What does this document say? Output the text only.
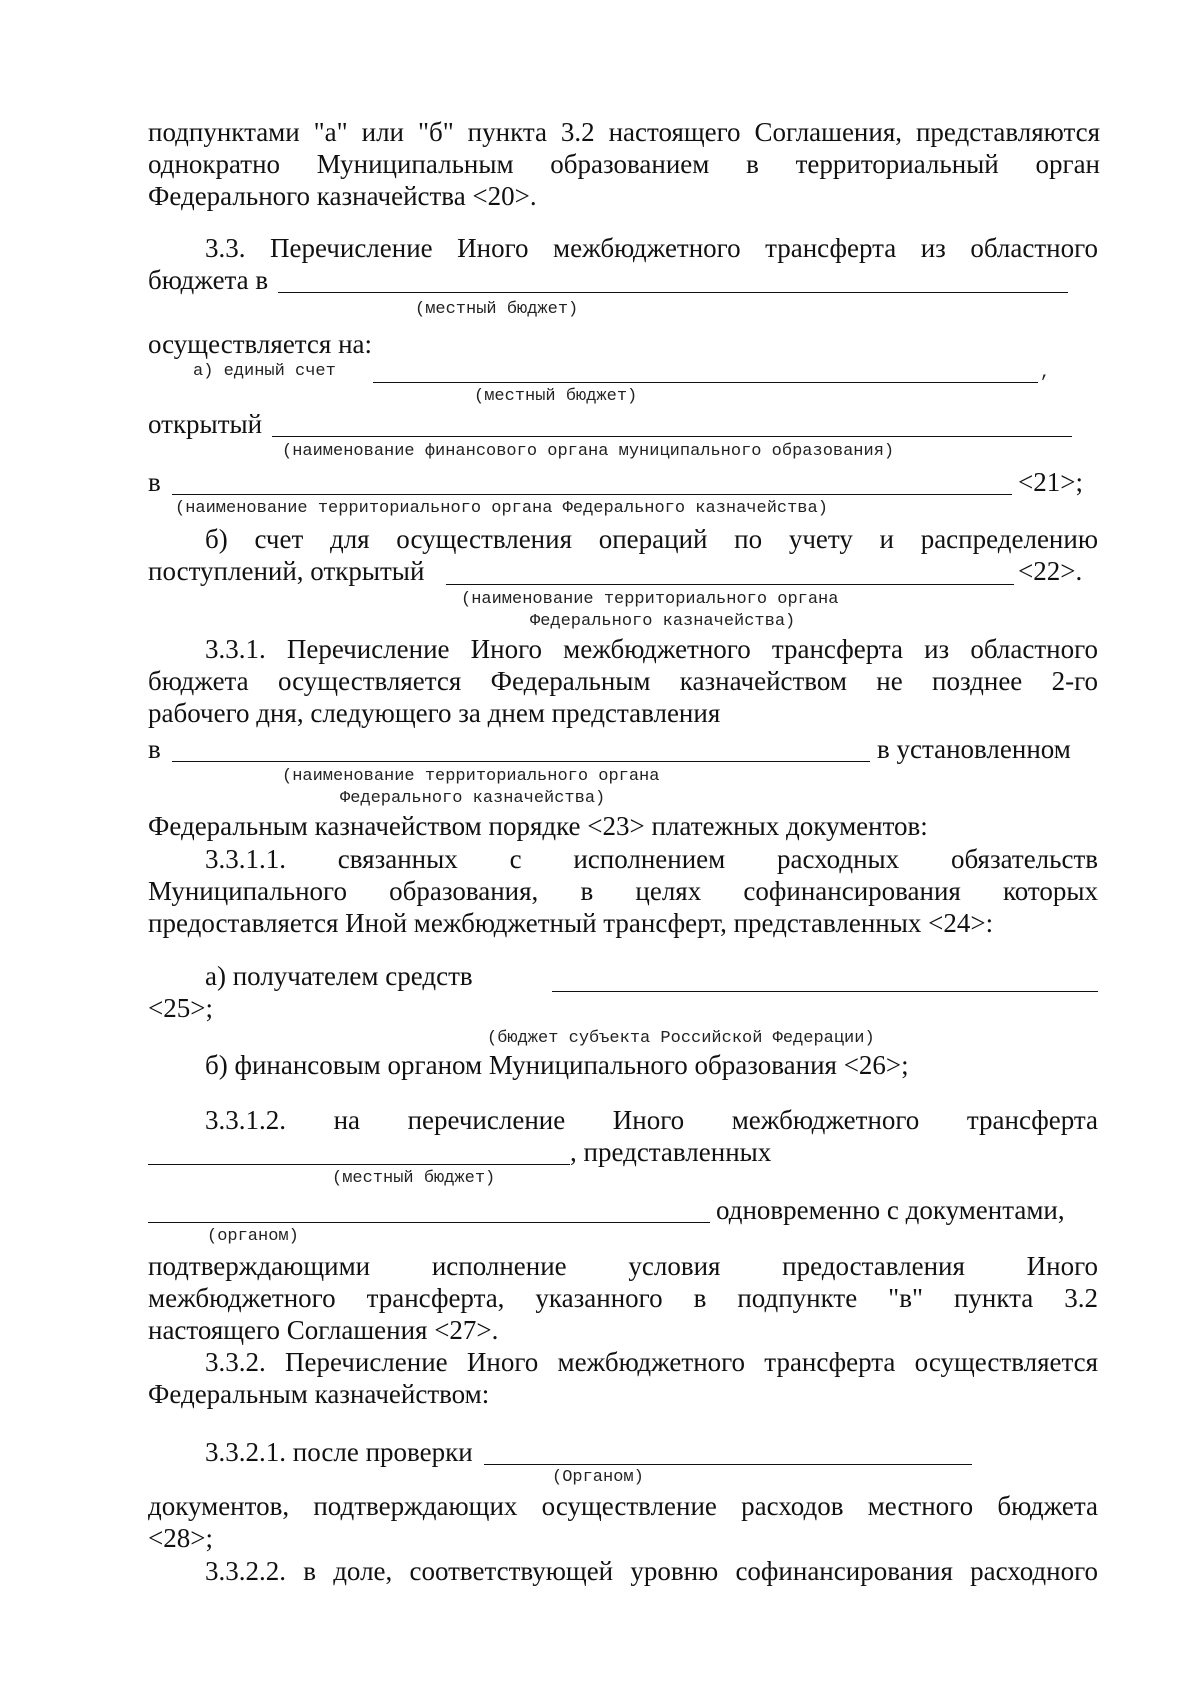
подпунктами "а" или "б" пункта 3.2 настоящего Соглашения, представляются
однократно Муниципальным образованием в территориальный орган
Федерального казначейства <20>.
3.3. Перечисление Иного межбюджетного трансферта из областного
бюджета в
(местный бюджет)
осуществляется на:
а) единый счет	,
(местный бюджет)
открытый
(наименование финансового органа муниципального образования)
в	<21>;
(наименование территориального органа Федерального казначейства)
б) счет для осуществления операций по учету и распределению
поступлений, открытый	<22>.
(наименование территориального органа
Федерального казначейства)
3.3.1. Перечисление Иного межбюджетного трансферта из областного
бюджета осуществляется Федеральным казначейством не позднее 2-го
рабочего дня, следующего за днем представления
в	в установленном
(наименование территориального органа
Федерального казначейства)
Федеральным казначейством порядке <23> платежных документов:
3.3.1.1. связанных с исполнением расходных обязательств
Муниципального образования, в целях софинансирования которых
предоставляется Иной межбюджетный трансферт, представленных <24>:
а) получателем средств
<25>;
(бюджет субъекта Российской Федерации)
б) финансовым органом Муниципального образования <26>;
3.3.1.2. на перечисление Иного межбюджетного трансферта
, представленных
(местный бюджет)
одновременно с документами,
(органом)
подтверждающими исполнение условия предоставления Иного
межбюджетного трансферта, указанного в подпункте "в" пункта 3.2
настоящего Соглашения <27>.
3.3.2. Перечисление Иного межбюджетного трансферта осуществляется
Федеральным казначейством:
3.3.2.1. после проверки
(Органом)
документов, подтверждающих осуществление расходов местного бюджета
<28>;
3.3.2.2. в доле, соответствующей уровню софинансирования расходного
